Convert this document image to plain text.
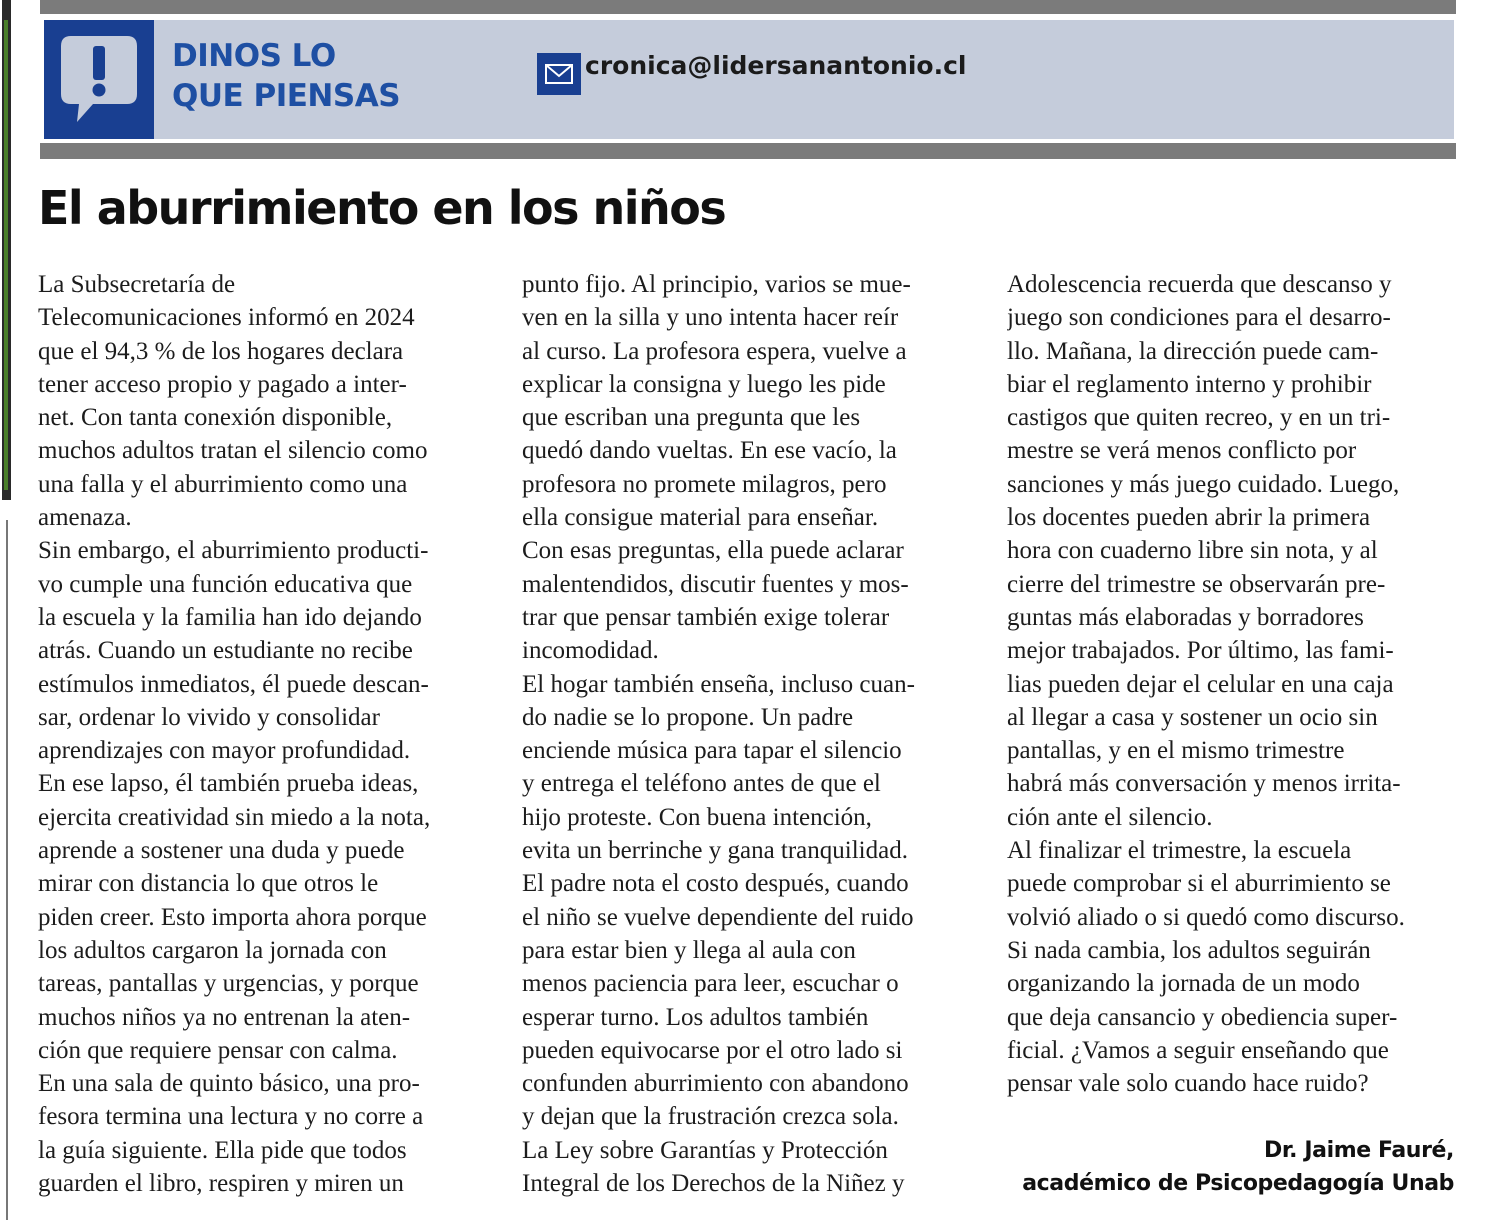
DINOS LO
QUE PIENSAS
cronica@lidersanantonio.cl
El aburrimiento en los niños
La Subsecretaría de
Telecomunicaciones informó en 2024
que el 94,3 % de los hogares declara
tener acceso propio y pagado a inter-
net. Con tanta conexión disponible,
muchos adultos tratan el silencio como
una falla y el aburrimiento como una
amenaza.
Sin embargo, el aburrimiento producti-
vo cumple una función educativa que
la escuela y la familia han ido dejando
atrás. Cuando un estudiante no recibe
estímulos inmediatos, él puede descan-
sar, ordenar lo vivido y consolidar
aprendizajes con mayor profundidad.
En ese lapso, él también prueba ideas,
ejercita creatividad sin miedo a la nota,
aprende a sostener una duda y puede
mirar con distancia lo que otros le
piden creer. Esto importa ahora porque
los adultos cargaron la jornada con
tareas, pantallas y urgencias, y porque
muchos niños ya no entrenan la aten-
ción que requiere pensar con calma.
En una sala de quinto básico, una pro-
fesora termina una lectura y no corre a
la guía siguiente. Ella pide que todos
guarden el libro, respiren y miren un
punto fijo. Al principio, varios se mue-
ven en la silla y uno intenta hacer reír
al curso. La profesora espera, vuelve a
explicar la consigna y luego les pide
que escriban una pregunta que les
quedó dando vueltas. En ese vacío, la
profesora no promete milagros, pero
ella consigue material para enseñar.
Con esas preguntas, ella puede aclarar
malentendidos, discutir fuentes y mos-
trar que pensar también exige tolerar
incomodidad.
El hogar también enseña, incluso cuan-
do nadie se lo propone. Un padre
enciende música para tapar el silencio
y entrega el teléfono antes de que el
hijo proteste. Con buena intención,
evita un berrinche y gana tranquilidad.
El padre nota el costo después, cuando
el niño se vuelve dependiente del ruido
para estar bien y llega al aula con
menos paciencia para leer, escuchar o
esperar turno. Los adultos también
pueden equivocarse por el otro lado si
confunden aburrimiento con abandono
y dejan que la frustración crezca sola.
La Ley sobre Garantías y Protección
Integral de los Derechos de la Niñez y
Adolescencia recuerda que descanso y
juego son condiciones para el desarro-
llo. Mañana, la dirección puede cam-
biar el reglamento interno y prohibir
castigos que quiten recreo, y en un tri-
mestre se verá menos conflicto por
sanciones y más juego cuidado. Luego,
los docentes pueden abrir la primera
hora con cuaderno libre sin nota, y al
cierre del trimestre se observarán pre-
guntas más elaboradas y borradores
mejor trabajados. Por último, las fami-
lias pueden dejar el celular en una caja
al llegar a casa y sostener un ocio sin
pantallas, y en el mismo trimestre
habrá más conversación y menos irrita-
ción ante el silencio.
Al finalizar el trimestre, la escuela
puede comprobar si el aburrimiento se
volvió aliado o si quedó como discurso.
Si nada cambia, los adultos seguirán
organizando la jornada de un modo
que deja cansancio y obediencia super-
ficial. ¿Vamos a seguir enseñando que
pensar vale solo cuando hace ruido?
Dr. Jaime Fauré,
académico de Psicopedagogía Unab
